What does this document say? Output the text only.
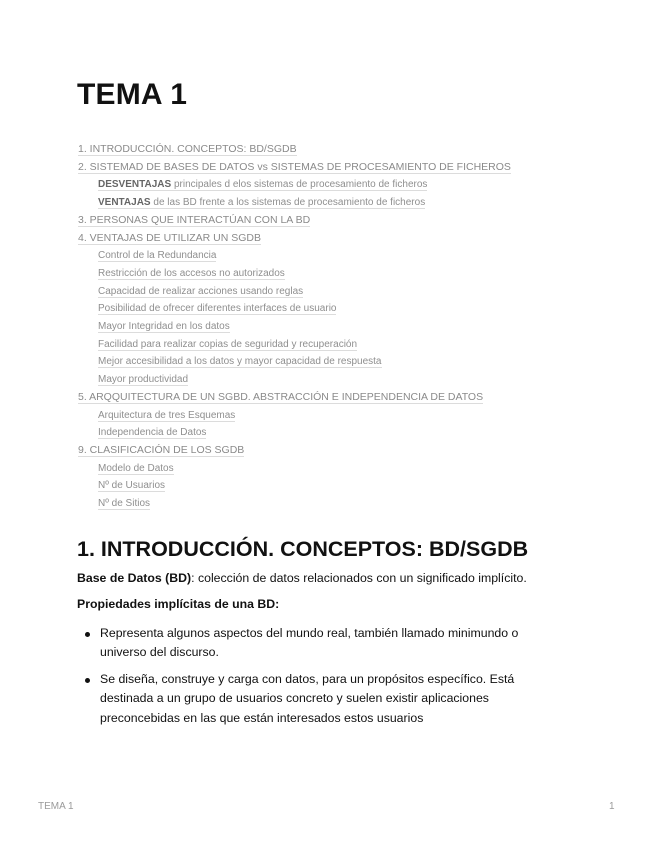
TEMA 1
1. INTRODUCCIÓN. CONCEPTOS: BD/SGDB
2. SISTEMAD DE BASES DE DATOS vs SISTEMAS DE PROCESAMIENTO DE FICHEROS
DESVENTAJAS principales d elos sistemas de procesamiento de ficheros
VENTAJAS de las BD frente a los sistemas de procesamiento de ficheros
3. PERSONAS QUE INTERACTÚAN CON LA BD
4. VENTAJAS DE UTILIZAR UN SGDB
Control de la Redundancia
Restricción de los accesos no autorizados
Capacidad de realizar acciones usando reglas
Posibilidad de ofrecer diferentes interfaces de usuario
Mayor Integridad en los datos
Facilidad para realizar copias de seguridad y recuperación
Mejor accesibilidad a los datos y mayor capacidad de respuesta
Mayor productividad
5. ARQQUITECTURA DE UN SGBD. ABSTRACCIÓN E INDEPENDENCIA DE DATOS
Arquitectura de tres Esquemas
Independencia de Datos
9. CLASIFICACIÓN DE LOS SGDB
Modelo de Datos
Nº de Usuarios
Nº de Sitios
1. INTRODUCCIÓN. CONCEPTOS: BD/SGDB

Base de Datos (BD): colección de datos relacionados con un significado implícito.

Propiedades implícitas de una BD:

Representa algunos aspectos del mundo real, también llamado minimundo o universo del discurso.
Se diseña, construye y carga con datos, para un propósitos específico. Está destinada a un grupo de usuarios concreto y suelen existir aplicaciones preconcebidas en las que están interesados estos usuarios
TEMA 1	1
